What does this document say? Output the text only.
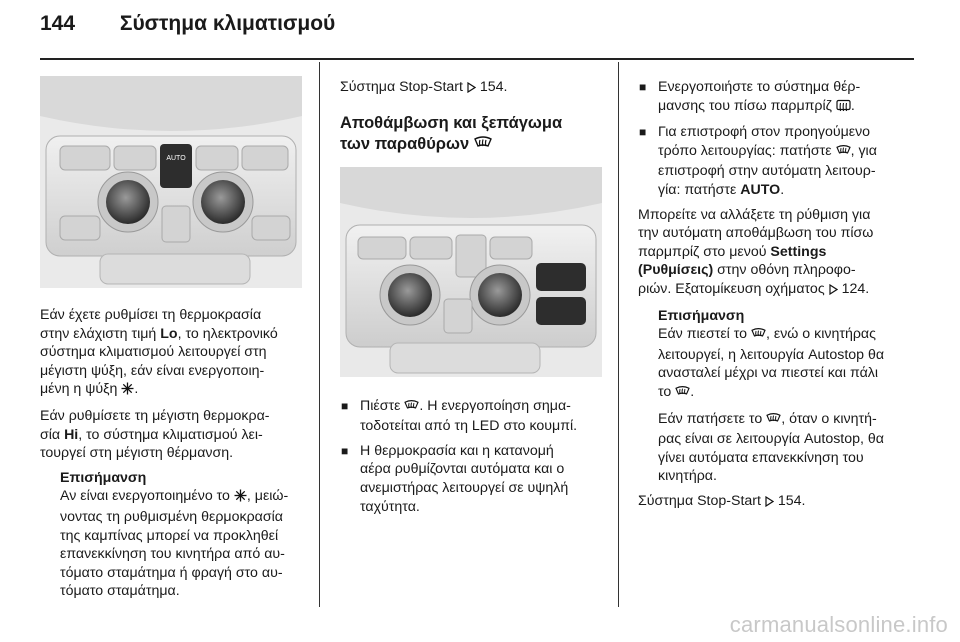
144 Σύστημα κλιματισμού
AUTO

Εάν έχετε ρυθμίσει τη θερμοκρασία
στην ελάχιστη τιμή Lo, το ηλεκτρονικό
σύστημα κλιματισμού λειτουργεί στη
μέγιστη ψύξη, εάν είναι ενεργοποιη-
μένη η ψύξη .

Εάν ρυθμίσετε τη μέγιστη θερμοκρα-
σία Hi, το σύστημα κλιματισμού λει-
τουργεί στη μέγιστη θέρμανση.

Επισήμανση

Αν είναι ενεργοποιημένο το , μειώ-
νοντας τη ρυθμισμένη θερμοκρασία
της καμπίνας μπορεί να προκληθεί
επανεκκίνηση του κινητήρα από αυ-
τόματο σταμάτημα ή φραγή στο αυ-
τόματο σταμάτημα.

Σύστημα Stop-Start 154.

Αποθάμβωση και ξεπάγωμα
των παραθύρων
■ Πιέστε . Η ενεργοποίηση σημα-
τοδοτείται από τη LED στο κουμπί.
■ Η θερμοκρασία και η κατανομή
αέρα ρυθμίζονται αυτόματα και ο
ανεμιστήρας λειτουργεί σε υψηλή
ταχύτητα.
■ Ενεργοποιήστε το σύστημα θέρ-
μανσης του πίσω παρμπρίζ .
■ Για επιστροφή στον προηγούμενο
τρόπο λειτουργίας: πατήστε , για
επιστροφή στην αυτόματη λειτουρ-
γία: πατήστε AUTO.

Μπορείτε να αλλάξετε τη ρύθμιση για
την αυτόματη αποθάμβωση του πίσω
παρμπρίζ στο μενού Settings
(Ρυθμίσεις) στην οθόνη πληροφο-
ριών. Εξατομίκευση οχήματος  124.

Επισήμανση

Εάν πιεστεί το , ενώ ο κινητήρας
λειτουργεί, η λειτουργία Autostop θα
ανασταλεί μέχρι να πιεστεί και πάλι
το .

Εάν πατήσετε το , όταν ο κινητή-
ρας είναι σε λειτουργία Autostop, θα
γίνει αυτόματα επανεκκίνηση του
κινητήρα.

Σύστημα Stop-Start 154.

carmanualsonline.info
